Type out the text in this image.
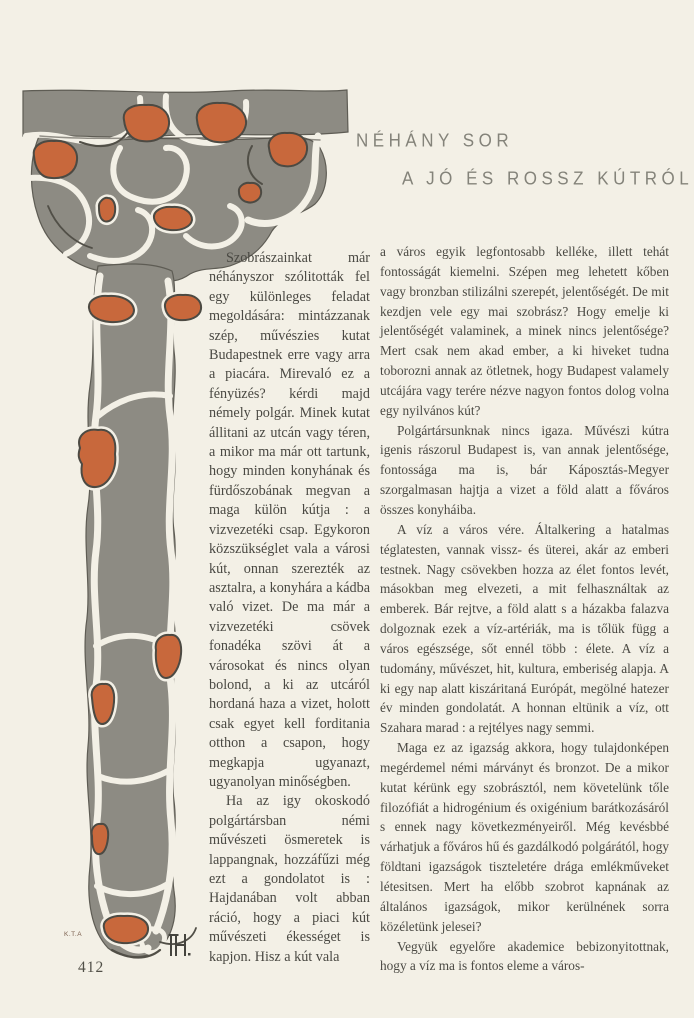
NÉHÁNY SOR
A JÓ ÉS ROSSZ KÚTRÓL

Szobrászainkat már néhányszor szólitották fel egy különleges feladat megoldására: mintázzanak szép, művészies kutat Budapestnek erre vagy arra a piacára. Mirevaló ez a fényüzés? kérdi majd némely polgár. Minek kutat állitani az utcán vagy téren, a mikor ma már ott tartunk, hogy minden konyhának és fürdőszobának megvan a maga külön kútja : a vizvezetéki csap. Egykoron közszükséglet vala a városi kút, onnan szerezték az asztalra, a konyhára a kádba való vizet. De ma már a vizvezetéki csövek fonadéka szövi át a városokat és nincs olyan bolond, a ki az utcáról hordaná haza a vizet, holott csak egyet kell forditania otthon a csapon, hogy megkapja ugyanazt, ugyanolyan minőségben.

Ha az igy okoskodó polgártársban némi művészeti ösmeretek is lappangnak, hozzáfűzi még ezt a gondolatot is : Hajdanában volt abban ráció, hogy a piaci kút művészeti ékességet is kapjon. Hisz a kút vala

a város egyik legfontosabb kelléke, illett tehát fontosságát kiemelni. Szépen meg lehetett kőben vagy bronzban stilizálni szerepét, jelentőségét. De mit kezdjen vele egy mai szobrász? Hogy emelje ki jelentőségét valaminek, a minek nincs jelentősége? Mert csak nem akad ember, a ki hiveket tudna toborozni annak az ötletnek, hogy Budapest valamely utcájára vagy terére nézve nagyon fontos dolog volna egy nyilvános kút?

Polgártársunknak nincs igaza. Művészi kútra igenis rászorul Budapest is, van annak jelentősége, fontossága ma is, bár Káposztás-Megyer szorgalmasan hajtja a vizet a föld alatt a főváros összes konyháiba.

A víz a város vére. Általkering a hatalmas téglatesten, vannak vissz- és üterei, akár az emberi testnek. Nagy csövekben hozza az élet fontos levét, másokban meg elvezeti, a mit felhasználtak az emberek. Bár rejtve, a föld alatt s a házakba falazva dolgoznak ezek a víz-artériák, ma is tőlük függ a város egészsége, sőt ennél több : élete. A víz a tudomány, művészet, hit, kultura, emberiség alapja. A ki egy nap alatt kiszáritaná Európát, megölné hatezer év minden gondolatát. A honnan eltünik a víz, ott Szahara marad : a rejtélyes nagy semmi.

Maga ez az igazság akkora, hogy tulajdonképen megérdemel némi márványt és bronzot. De a mikor kutat kérünk egy szobrásztól, nem követelünk tőle filozófiát a hidrogénium és oxigénium barátkozásáról s ennek nagy következményeiről. Még kevésbbé várhatjuk a főváros hű és gazdálkodó polgárától, hogy földtani igazságok tiszteletére drága emlékműveket létesitsen. Mert ha előbb szobrot kapnának az általános igazságok, mikor kerülnének sorra közéletünk jelesei?

Vegyük egyelőre akademice bebizonyitottnak, hogy a víz ma is fontos eleme a város-

K.T.A
412
